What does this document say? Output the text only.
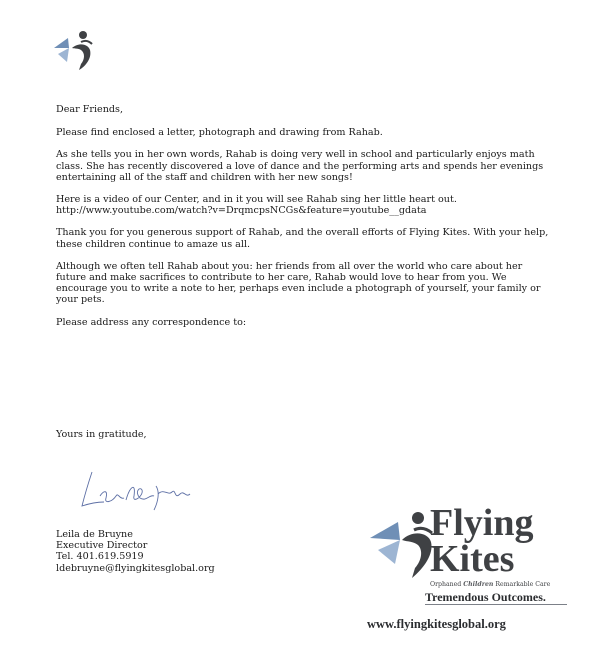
Dear Friends,

Please find enclosed a letter, photograph and drawing from Rahab.

As she tells you in her own words, Rahab is doing very well in school and particularly enjoys math class. She has recently discovered a love of dance and the performing arts and spends her evenings entertaining all of the staff and children with her new songs!

Here is a video of our Center, and in it you will see Rahab sing her little heart out.

http://www.youtube.com/watch?v=DrqmcpsNCGs&feature=youtube__gdata

Thank you for you generous support of Rahab, and the overall efforts of Flying Kites. With your help, these children continue to amaze us all.

Although we often tell Rahab about you: her friends from all over the world who care about her future and make sacrifices to contribute to her care, Rahab would love to hear from you. We encourage you to write a note to her, perhaps even include a photograph of yourself, your family or your pets.

Please address any correspondence to:

Yours in gratitude,
Leila de Bruyne
Executive Director
Tel. 401.619.5919
ldebruyne@flyingkitesglobal.org
Flying
Kites
Orphaned Children Remarkable Care
Tremendous Outcomes.
www.flyingkitesglobal.org
